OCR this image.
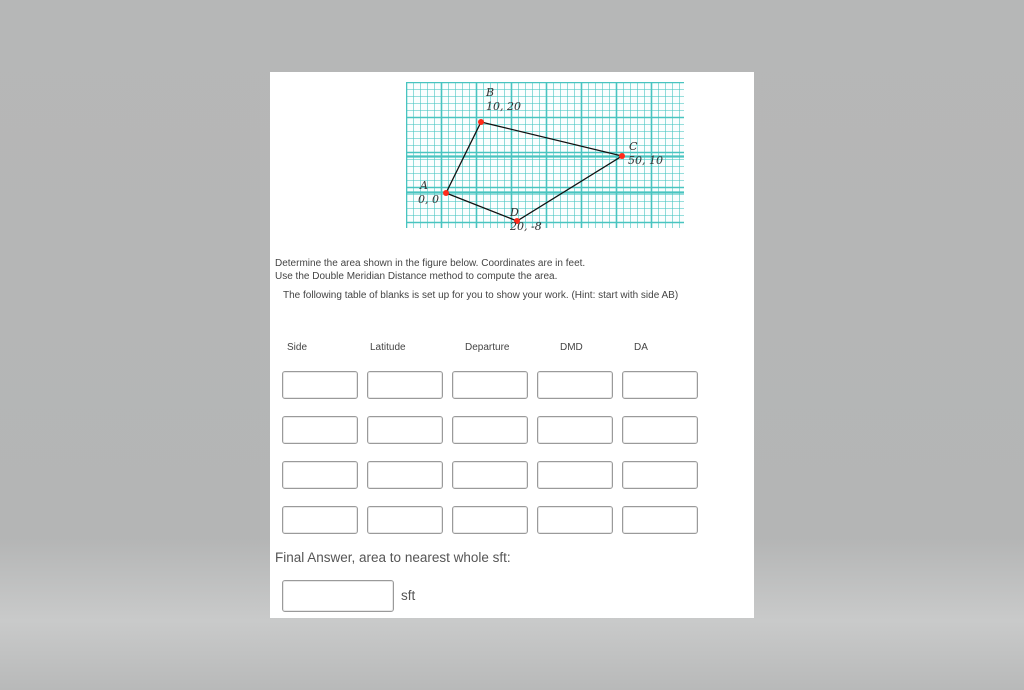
A
0, 0
B
10, 20
C
50, 10
D
20, -8
Determine the area shown in the figure below. Coordinates are in feet.
Use the Double Meridian Distance method to compute the area.
The following table of blanks is set up for you to show your work. (Hint: start with side AB)
Side	Latitude	Departure	DMD	DA
Final Answer, area to nearest whole sft:
sft
